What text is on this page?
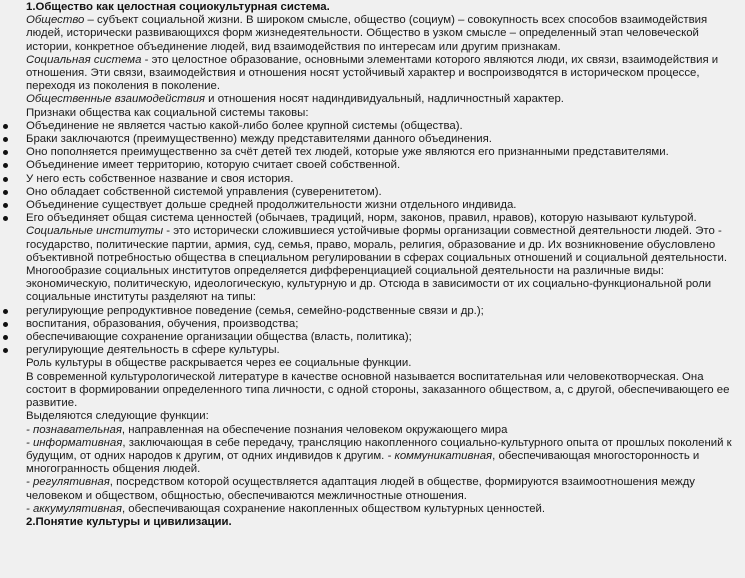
1.Общество как целостная социокультурная система.

Общество – субъект социальной жизни. В широком смысле, общество (социум) – совокупность всех способов взаимодействия людей, исторически развивающихся форм жизнедеятельности. Общество в узком смысле – определенный этап человеческой истории, конкретное объединение людей, вид взаимодействия по интересам или другим признакам.

Социальная система - это целостное образование, основными элементами которого являются люди, их связи, взаимодействия и отношения. Эти связи, взаимодействия и отношения носят устойчивый характер и воспроизводятся в историческом процессе, переходя из поколения в поколение.

Общественные взаимодействия и отношения носят надиндивидуальный, надличностный характер.

Признаки общества как социальной системы таковы:

Объединение не является частью какой-либо более крупной системы (общества).
Браки заключаются (преимущественно) между представителями данного объединения.
Оно пополняется преимущественно за счёт детей тех людей, которые уже являются его признанными представителями.
Объединение имеет территорию, которую считает своей собственной.
У него есть собственное название и своя история.
Оно обладает собственной системой управления (суверенитетом).
Объединение существует дольше средней продолжительности жизни отдельного индивида.
Его объединяет общая система ценностей (обычаев, традиций, норм, законов, правил, нравов), которую называют культурой.

Социальные институты - это исторически сложившиеся устойчивые формы организации совместной деятельности людей. Это - государство, политические партии, армия, суд, семья, право, мораль, религия, образование и др. Их возникновение обусловлено объективной потребностью общества в специальном регулировании в сферах социальных отношений и социальной деятельности.

Многообразие социальных институтов определяется дифференциацией социальной деятельности на различные виды: экономическую, политическую, идеологическую, культурную и др. Отсюда в зависимости от их социально-функциональной роли социальные институты разделяют на типы:

регулирующие репродуктивное поведение (семья, семейно-родственные связи и др.);
воспитания, образования, обучения, производства;
обеспечивающие сохранение организации общества (власть, политика);
регулирующие деятельность в сфере культуры.

Роль культуры в обществе раскрывается через ее социальные функции.

В современной культурологической литературе в качестве основной называется воспитательная или человекотворческая. Она состоит в формировании определенного типа личности, с одной стороны, заказанного обществом, а, с другой, обеспечивающего ее развитие.

Выделяются следующие функции:

- познавательная, направленная на обеспечение познания человеком окружающего мира

- информативная, заключающая в себе передачу, трансляцию накопленного социально-культурного опыта от прошлых поколений к будущим, от одних народов к другим, от одних индивидов к другим. - коммуникативная, обеспечивающая многосторонность и многогранность общения людей.

- регулятивная, посредством которой осуществляется адаптация людей в обществе, формируются взаимоотношения между человеком и обществом, общностью, обеспечиваются межличностные отношения.

- аккумулятивная, обеспечивающая сохранение накопленных обществом культурных ценностей.

2.Понятие культуры и цивилизации.
